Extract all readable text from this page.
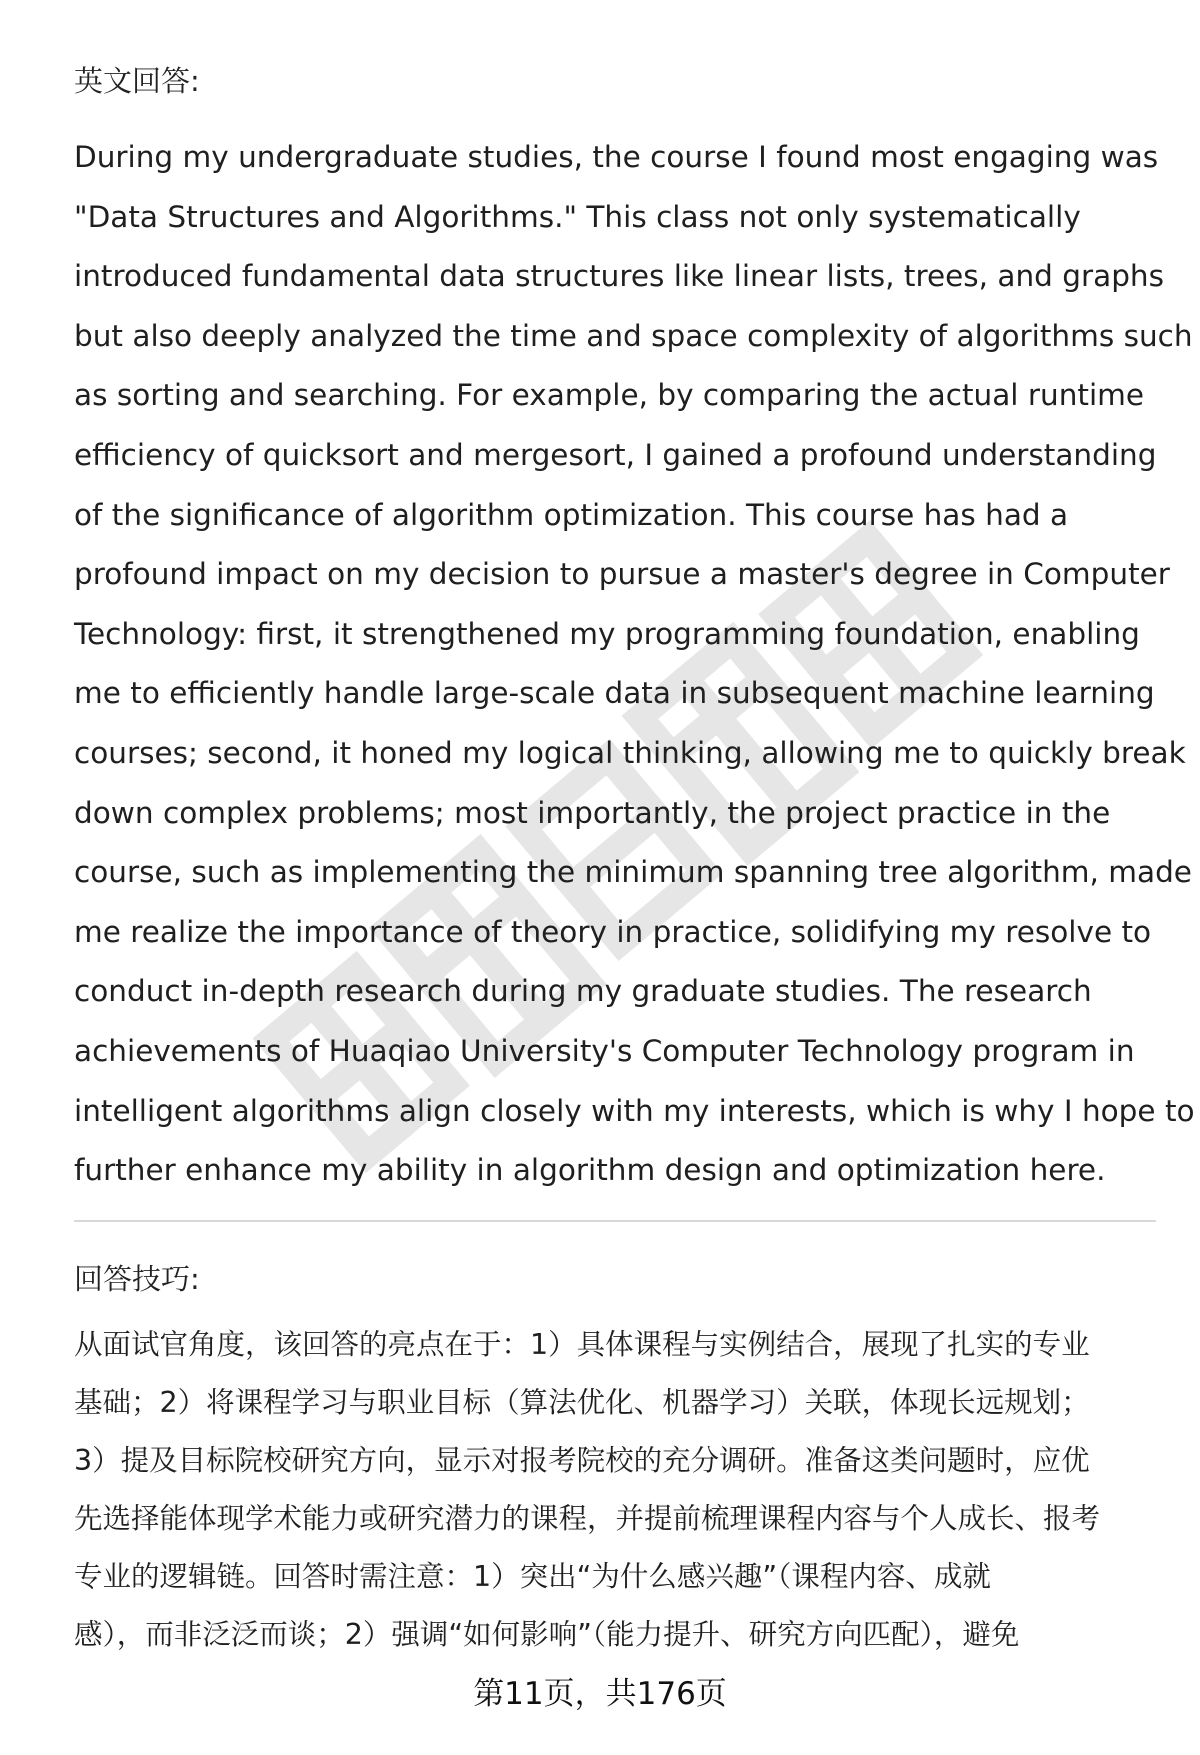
英文回答:
During my undergraduate studies, the course I found most engaging was
"Data Structures and Algorithms." This class not only systematically
introduced fundamental data structures like linear lists, trees, and graphs
but also deeply analyzed the time and space complexity of algorithms such
as sorting and searching. For example, by comparing the actual runtime
efficiency of quicksort and mergesort, I gained a profound understanding
of the significance of algorithm optimization. This course has had a
profound impact on my decision to pursue a master's degree in Computer
Technology: first, it strengthened my programming foundation, enabling
me to efficiently handle large-scale data in subsequent machine learning
courses; second, it honed my logical thinking, allowing me to quickly break
down complex problems; most importantly, the project practice in the
course, such as implementing the minimum spanning tree algorithm, made
me realize the importance of theory in practice, solidifying my resolve to
conduct in-depth research during my graduate studies. The research
achievements of Huaqiao University's Computer Technology program in
intelligent algorithms align closely with my interests, which is why I hope to
further enhance my ability in algorithm design and optimization here.
回答技巧:
从面试官角度，该回答的亮点在于：1）具体课程与实例结合，展现了扎实的专业
基础；2）将课程学习与职业目标（算法优化、机器学习）关联，体现长远规划；
3）提及目标院校研究方向，显示对报考院校的充分调研。准备这类问题时，应优
先选择能体现学术能力或研究潜力的课程，并提前梳理课程内容与个人成长、报考
专业的逻辑链。回答时需注意：1）突出“为什么感兴趣”（课程内容、成就
感），而非泛泛而谈；2）强调“如何影响”（能力提升、研究方向匹配），避免
第11页，共176页
